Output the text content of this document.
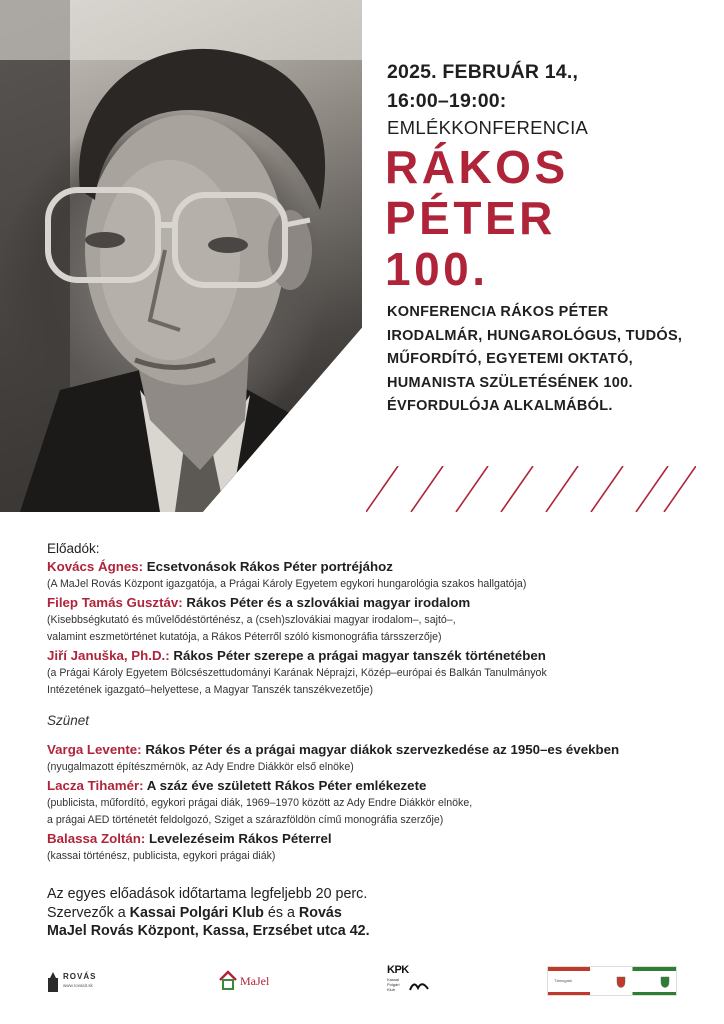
2025. FEBRUÁR 14.,
16:00–19:00:
EMLÉKKONFERENCIA
RÁKOS
PÉTER
100.
KONFERENCIA RÁKOS PÉTER IRODALMÁR, HUNGAROLÓGUS, TUDÓS, MŰFORDÍTÓ, EGYETEMI OKTATÓ, HUMANISTA SZÜLETÉSÉNEK 100. ÉVFORDULÓJA ALKALMÁBÓL.
Előadók:
Kovács Ágnes: Ecsetvonások Rákos Péter portréjához
(A MaJel Rovás Központ igazgatója, a Prágai Károly Egyetem egykori hungarológia szakos hallgatója)
Filep Tamás Gusztáv: Rákos Péter és a szlovákiai magyar irodalom
(Kisebbségkutató és művelődéstörténész, a (cseh)szlovákiai magyar irodalom–, sajtó–,
valamint eszmetörténet kutatója, a Rákos Péterről szóló kismonográfia társszerzője)
Jiří Januška, Ph.D.: Rákos Péter szerepe a prágai magyar tanszék történetében
(a Prágai Károly Egyetem Bölcsészettudományi Karának Néprajzi, Közép–európai és Balkán Tanulmányok
Intézetének igazgató–helyettese, a Magyar Tanszék tanszékvezetője)
Szünet
Varga Levente: Rákos Péter és a prágai magyar diákok szervezkedése az 1950–es években
(nyugalmazott építészmérnök, az Ady Endre Diákkör első elnöke)
Lacza Tihamér: A száz éve született Rákos Péter emlékezete
(publicista, műfordító, egykori prágai diák, 1969–1970 között az Ady Endre Diákkör elnöke,
a prágai AED történetét feldolgozó, Sziget a szárazföldön című monográfia szerzője)
Balassa Zoltán: Levelezéseim Rákos Péterrel
(kassai történész, publicista, egykori prágai diák)
Az egyes előadások időtartama legfeljebb 20 perc.
Szervezők a Kassai Polgári Klub és a Rovás
MaJel Rovás Központ, Kassa, Erzsébet utca 42.
ROVÁS
www.rovasit.sk	MaJel
KPK
Kassai Polgári Klub
Támogató
